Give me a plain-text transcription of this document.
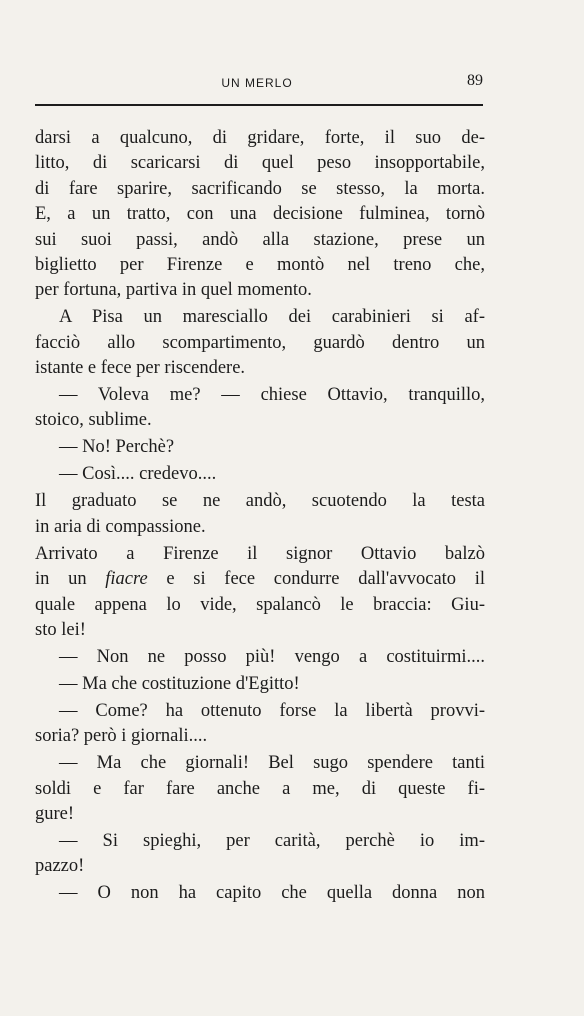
UN MERLO	89
darsi a qualcuno, di gridare, forte, il suo de-
litto, di scaricarsi di quel peso insopportabile,
di fare sparire, sacrificando se stesso, la morta.
E, a un tratto, con una decisione fulminea, tornò
sui suoi passi, andò alla stazione, prese un
biglietto per Firenze e montò nel treno che,
per fortuna, partiva in quel momento.
A Pisa un maresciallo dei carabinieri si af-
facciò allo scompartimento, guardò dentro un
istante e fece per riscendere.
— Voleva me? — chiese Ottavio, tranquillo,
stoico, sublime.
— No! Perchè?
— Così.... credevo....
Il graduato se ne andò, scuotendo la testa
in aria di compassione.
Arrivato a Firenze il signor Ottavio balzò
in un fiacre e si fece condurre dall'avvocato il
quale appena lo vide, spalancò le braccia: Giu-
sto lei!
— Non ne posso più! vengo a costituirmi....
— Ma che costituzione d'Egitto!
— Come? ha ottenuto forse la libertà provvi-
soria? però i giornali....
— Ma che giornali! Bel sugo spendere tanti
soldi e far fare anche a me, di queste fi-
gure!
— Si spieghi, per carità, perchè io im-
pazzo!
— O non ha capito che quella donna non
